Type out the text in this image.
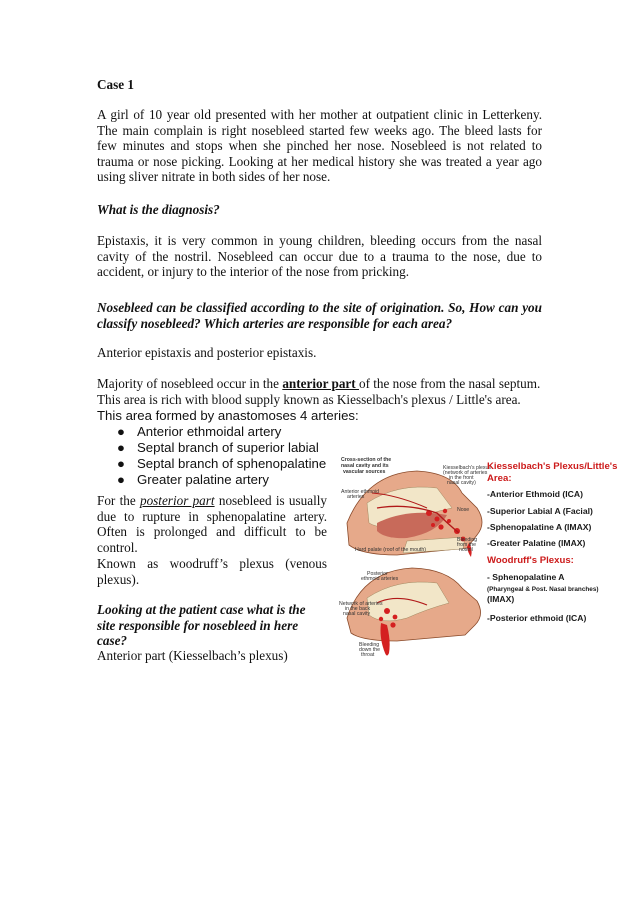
Case 1

A girl of 10 year old presented with her mother at outpatient clinic in Letterkeny. The main complain is right nosebleed started few weeks ago. The bleed lasts for few minutes and stops when she pinched her nose. Nosebleed is not related to trauma or nose picking. Looking at her medical history she was treated a year ago using sliver nitrate in both sides of her nose.

What is the diagnosis?

Epistaxis, it is very common in young children, bleeding occurs from the nasal cavity of the nostril. Nosebleed can occur due to a trauma to the nose, due to accident, or injury to the interior of the nose from pricking.

Nosebleed can be classified according to the site of origination. So, How can you classify nosebleed? Which arteries are responsible for each area?

Anterior epistaxis and posterior epistaxis.

Majority of nosebleed occur in the anterior part of the nose from the nasal septum.

This area is rich with blood supply known as Kiesselbach's plexus / Little's area.

This area formed by anastomoses 4 arteries:
● Anterior ethmoidal artery
● Septal branch of superior labial
● Septal branch of sphenopalatine
● Greater palatine artery

For the posterior part nosebleed is usually due to rupture in sphenopalatine artery. Often is prolonged and difficult to be control.

Known as woodruff’s plexus (venous plexus).

Looking at the patient case what is the site responsible for nosebleed in here case?

Anterior part (Kiesselbach’s plexus)

Cross-section of the
nasal cavity and its
vascular sources
Kiesselbach's plexus
(network of arteries
in the front
nasal cavity)
Anterior ethmoid
arteries
Nose
Bleeding
from the
nostril
Hard palate (roof of the mouth)
Posterior
ethmoid arteries
Network of arteries
in the back
nasal cavity
Bleeding
down the
throat
Kiesselbach's Plexus/Little's
Area:
-Anterior Ethmoid (ICA)
-Superior Labial A (Facial)
-Sphenopalatine A (IMAX)
-Greater Palatine (IMAX)
Woodruff's Plexus:
- Sphenopalatine A
(Pharyngeal & Post. Nasal branches)
(IMAX)
-Posterior ethmoid (ICA)
